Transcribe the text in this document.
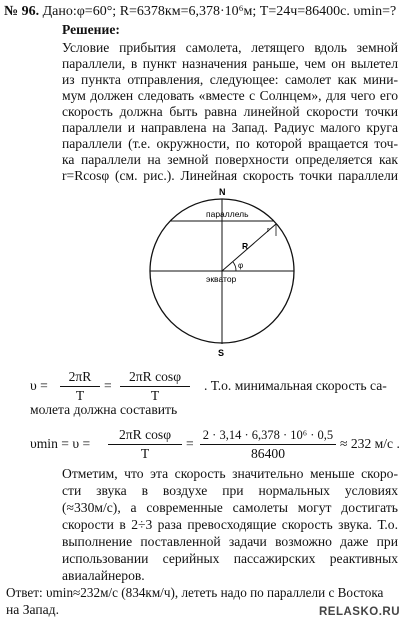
№ 96. Дано:φ=60°; R=6378км=6,378·10⁶м; T=24ч=86400с. υmin=?
Решение:
Условие прибытия самолета, летящего вдоль земной
параллели, в пункт назначения раньше, чем он вылетел
из пункта отправления, следующее: самолет как мини-
мум должен следовать «вместе с Солнцем», для чего его
скорость должна быть равна линейной скорости точки
параллели и направлена на Запад. Радиус малого круга
параллели (т.е. окружности, по которой вращается точ-
ка параллели на земной поверхности определяется как
r=Rcosφ (см. рис.). Линейная скорость точки параллели
N
S
параллель
экватор
R
r
φ
υ =
2πR
T
=
2πR cosφ
T
. Т.о. минимальная скорость са-
молета должна составить
υmin = υ =
2πR cosφ
T
=
2 · 3,14 · 6,378 · 10⁶ · 0,5
86400
≈ 232 м/с .
Отметим, что эта скорость значительно меньше скоро-
сти звука в воздухе при нормальных условиях
(≈330м/с), а современные самолеты могут достигать
скорости в 2÷3 раза превосходящие скорость звука. Т.о.
выполнение поставленной задачи возможно даже при
использовании серийных пассажирских реактивных
авиалайнеров.
Ответ: υmin≈232м/с (834км/ч), лететь надо по параллели с Востока
на Запад.	RELASKO.RU
